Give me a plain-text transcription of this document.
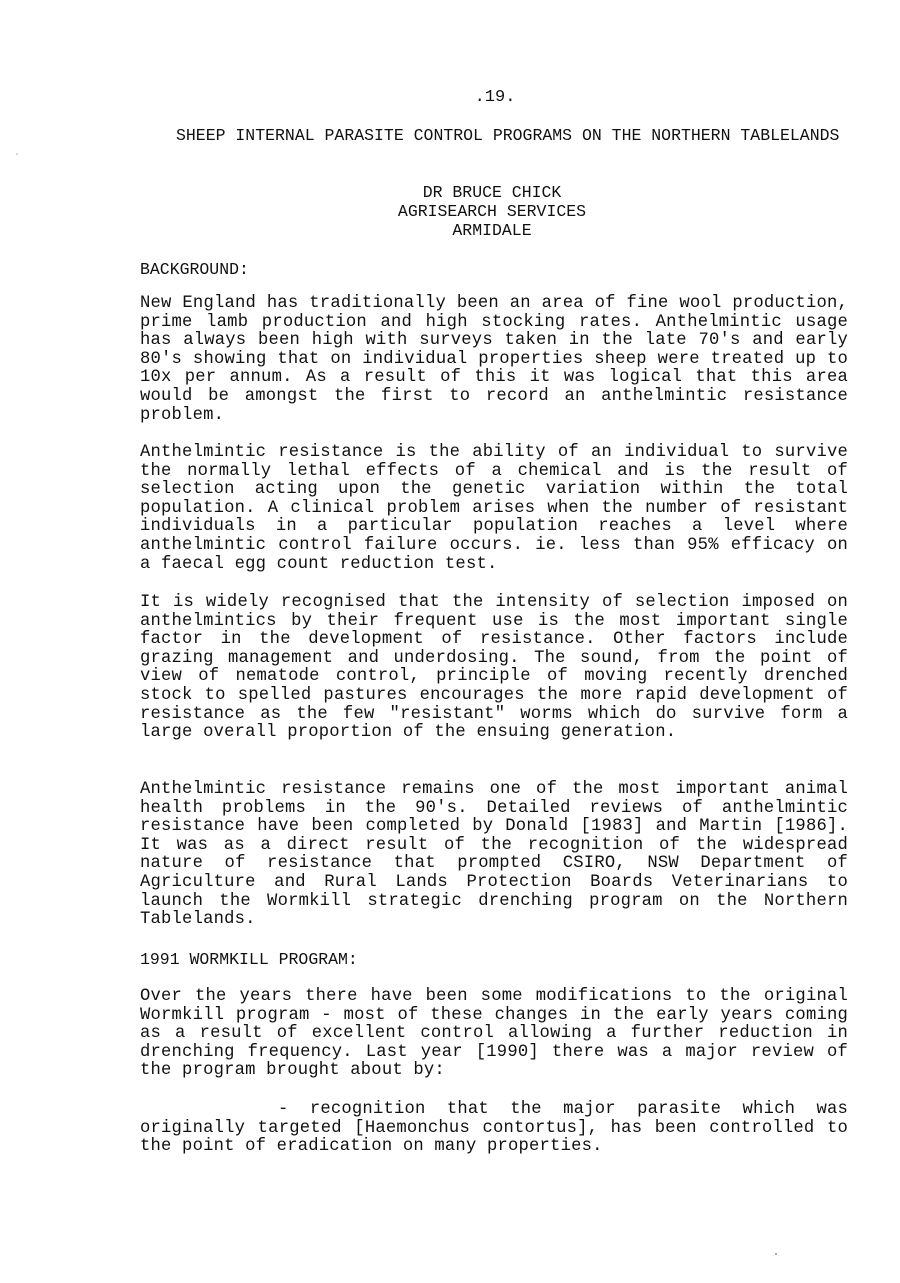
.19.
SHEEP INTERNAL PARASITE CONTROL PROGRAMS ON THE NORTHERN TABLELANDS
DR BRUCE CHICK
AGRISEARCH SERVICES
ARMIDALE
BACKGROUND:
New England has traditionally been an area of fine wool production, prime lamb production and high stocking rates. Anthelmintic usage has always been high with surveys taken in the late 70's and early 80's showing that on individual properties sheep were treated up to 10x per annum. As a result of this it was logical that this area would be amongst the first to record an anthelmintic resistance problem.
Anthelmintic resistance is the ability of an individual to survive the normally lethal effects of a chemical and is the result of selection acting upon the genetic variation within the total population. A clinical problem arises when the number of resistant individuals in a particular population reaches a level where anthelmintic control failure occurs. ie. less than 95% efficacy on a faecal egg count reduction test.
It is widely recognised that the intensity of selection imposed on anthelmintics by their frequent use is the most important single factor in the development of resistance. Other factors include grazing management and underdosing. The sound, from the point of view of nematode control, principle of moving recently drenched stock to spelled pastures encourages the more rapid development of resistance as the few "resistant" worms which do survive form a large overall proportion of the ensuing generation.
Anthelmintic resistance remains one of the most important animal health problems in the 90's. Detailed reviews of anthelmintic resistance have been completed by Donald [1983] and Martin [1986]. It was as a direct result of the recognition of the widespread nature of resistance that prompted CSIRO, NSW Department of Agriculture and Rural Lands Protection Boards Veterinarians to launch the Wormkill strategic drenching program on the Northern Tablelands.
1991 WORMKILL PROGRAM:
Over the years there have been some modifications to the original Wormkill program - most of these changes in the early years coming as a result of excellent control allowing a further reduction in drenching frequency. Last year [1990] there was a major review of the program brought about by:
- recognition that the major parasite which was originally targeted [Haemonchus contortus], has been controlled to the point of eradication on many properties.
